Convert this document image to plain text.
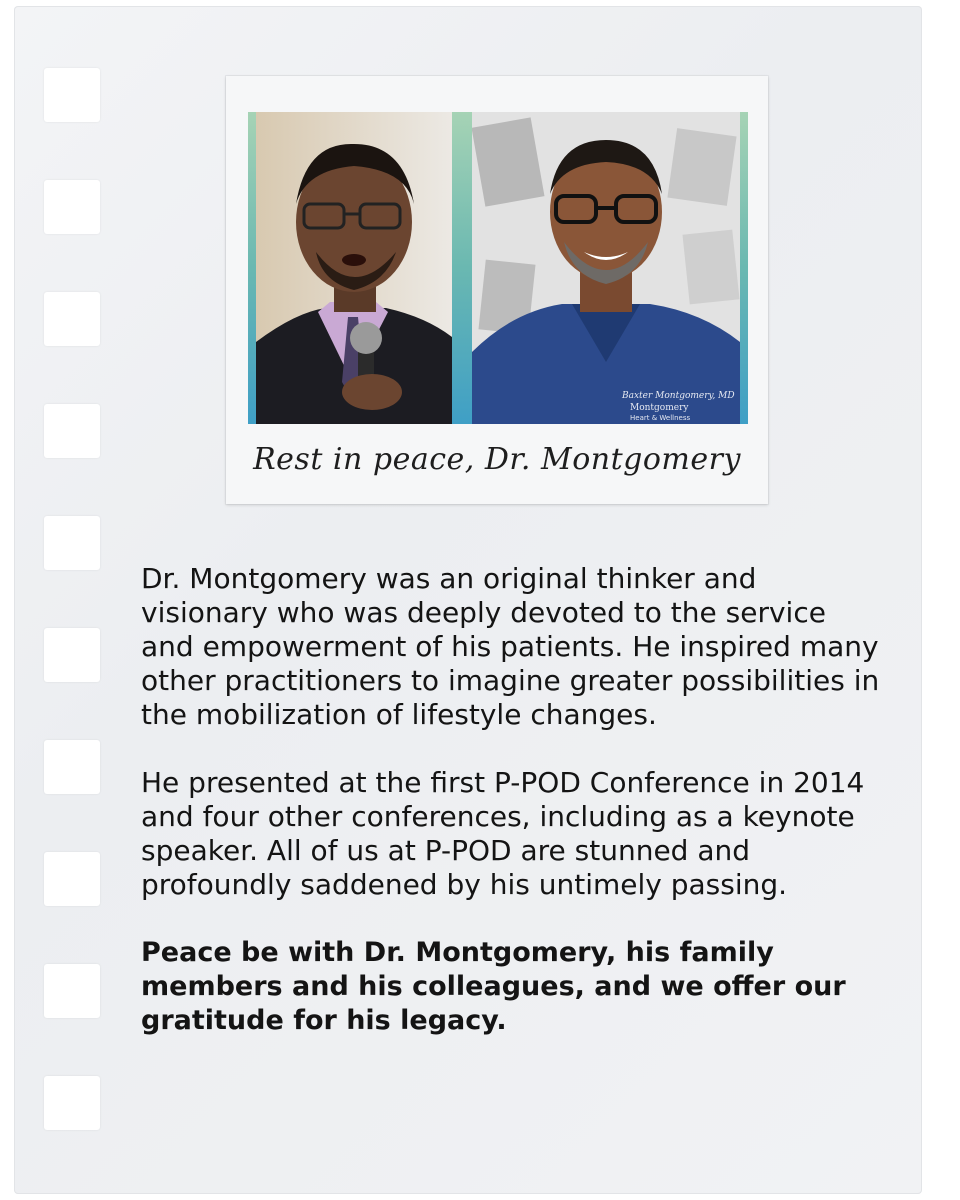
Baxter Montgomery, MD
Montgomery
Heart & Wellness
Rest in peace, Dr. Montgomery

Dr. Montgomery was an original thinker and visionary who was deeply devoted to the service and empowerment of his patients. He inspired many other practitioners to imagine greater possibilities in the mobilization of lifestyle changes.

He presented at the first P-POD Conference in 2014 and four other conferences, including as a keynote speaker. All of us at P-POD are stunned and profoundly saddened by his untimely passing.

Peace be with Dr. Montgomery, his family members and his colleagues, and we offer our gratitude for his legacy.
